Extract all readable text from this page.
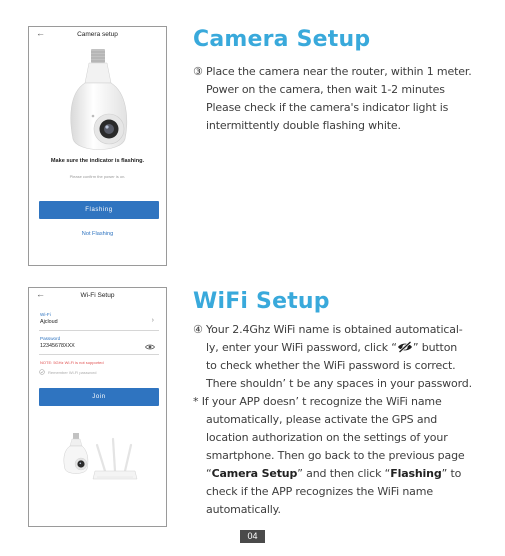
←	Camera setup
Make sure the indicator is flashing.
Please confirm the power is on.
Flashing
Not Flashing
←	Wi-Fi Setup
Wi-Fi
Ajcloud	›
Password
12345678XXX
NOTE: 5GHz Wi-Fi is not supported
Remember Wi-Fi password
Join
Camera Setup
③ Place the camera near the router, within 1 meter.
Power on the camera, then wait 1-2 minutes
Please check if the camera's indicator light is
intermittently double flashing white.
WiFi Setup
④ Your 2.4Ghz WiFi name is obtained automatical-
ly, enter your WiFi password, click “ ” button
to check whether the WiFi password is correct.
There shouldn’ t be any spaces in your password.
* If your APP doesn’ t recognize the WiFi name
automatically, please activate the GPS and
location authorization on the settings of your
smartphone. Then go back to the previous page
“Camera Setup” and then click “Flashing” to
check if the APP recognizes the WiFi name
automatically.
04
